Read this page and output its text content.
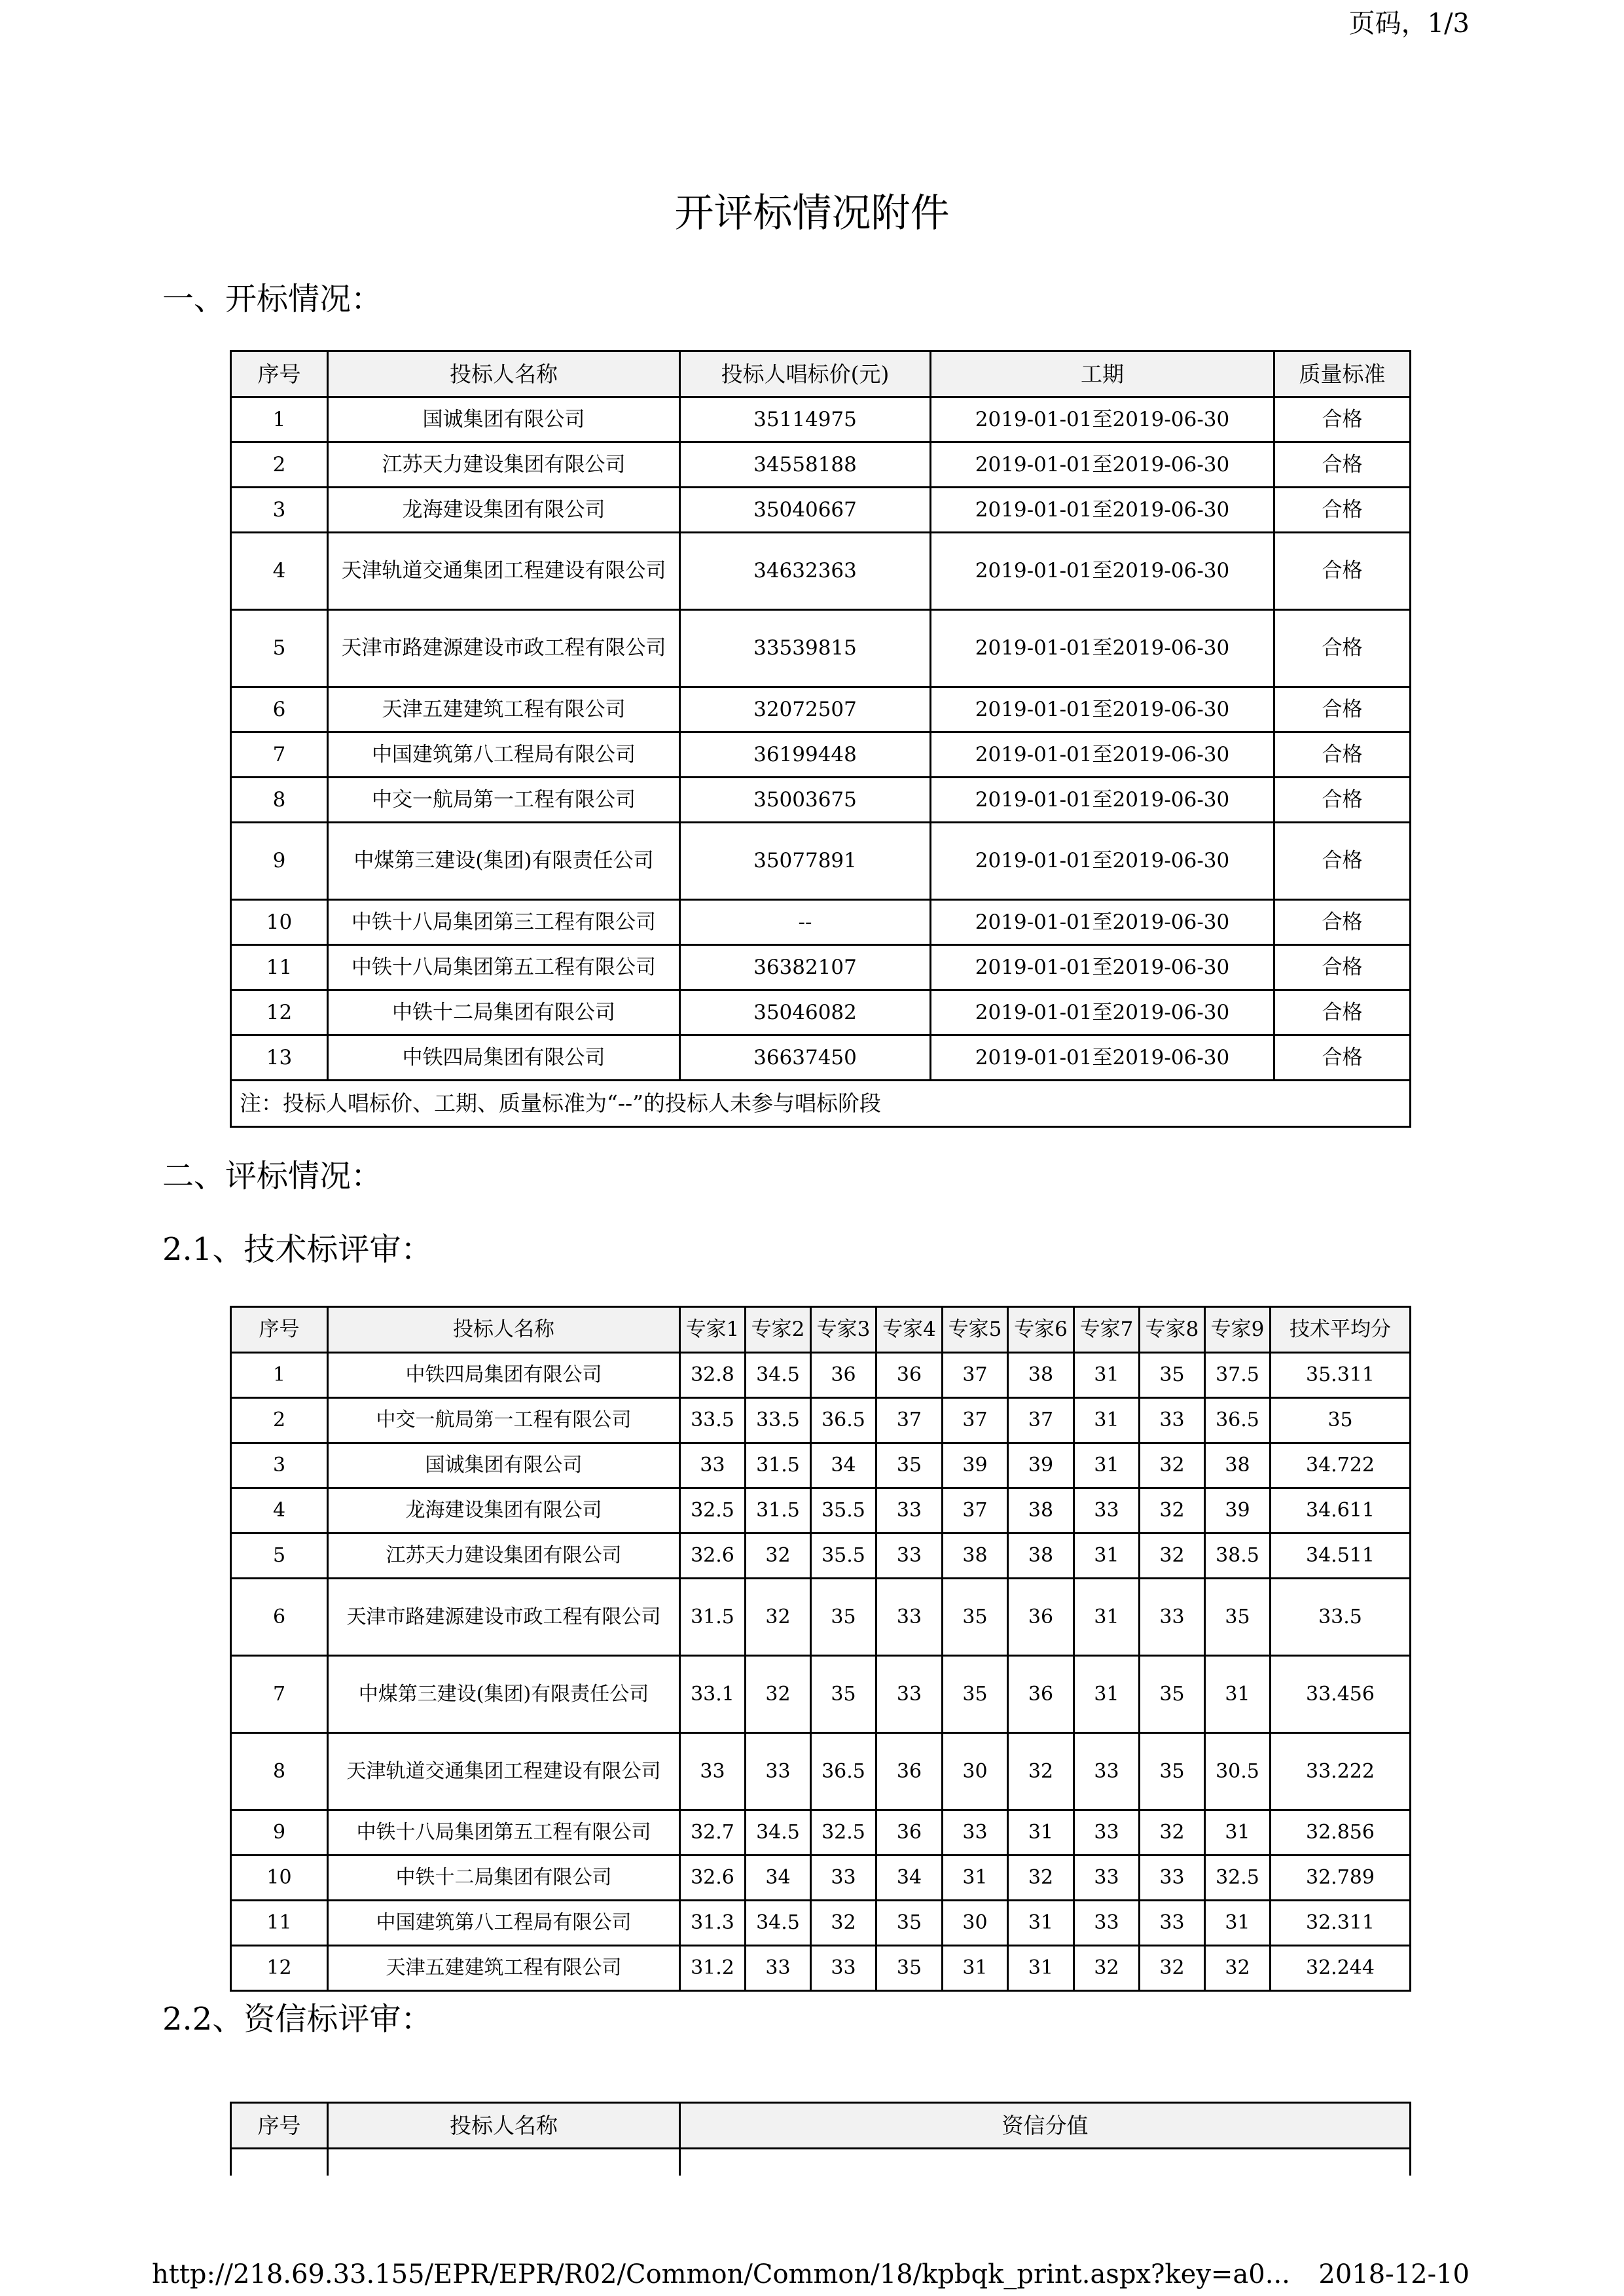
页码，1/3
开评标情况附件
一、开标情况：
序号	投标人名称	投标人唱标价(元)	工期	质量标准
1	国诚集团有限公司	35114975	2019-01-01至2019-06-30	合格
2	江苏天力建设集团有限公司	34558188	2019-01-01至2019-06-30	合格
3	龙海建设集团有限公司	35040667	2019-01-01至2019-06-30	合格
4	天津轨道交通集团工程建设有限公司	34632363	2019-01-01至2019-06-30	合格
5	天津市路建源建设市政工程有限公司	33539815	2019-01-01至2019-06-30	合格
6	天津五建建筑工程有限公司	32072507	2019-01-01至2019-06-30	合格
7	中国建筑第八工程局有限公司	36199448	2019-01-01至2019-06-30	合格
8	中交一航局第一工程有限公司	35003675	2019-01-01至2019-06-30	合格
9	中煤第三建设(集团)有限责任公司	35077891	2019-01-01至2019-06-30	合格
10	中铁十八局集团第三工程有限公司	--	2019-01-01至2019-06-30	合格
11	中铁十八局集团第五工程有限公司	36382107	2019-01-01至2019-06-30	合格
12	中铁十二局集团有限公司	35046082	2019-01-01至2019-06-30	合格
13	中铁四局集团有限公司	36637450	2019-01-01至2019-06-30	合格
注：投标人唱标价、工期、质量标准为“--”的投标人未参与唱标阶段				
二、评标情况：
2.1、技术标评审：
序号	投标人名称	专家1	专家2	专家3	专家4	专家5	专家6	专家7	专家8	专家9	技术平均分
1	中铁四局集团有限公司	32.8	34.5	36	36	37	38	31	35	37.5	35.311
2	中交一航局第一工程有限公司	33.5	33.5	36.5	37	37	37	31	33	36.5	35
3	国诚集团有限公司	33	31.5	34	35	39	39	31	32	38	34.722
4	龙海建设集团有限公司	32.5	31.5	35.5	33	37	38	33	32	39	34.611
5	江苏天力建设集团有限公司	32.6	32	35.5	33	38	38	31	32	38.5	34.511
6	天津市路建源建设市政工程有限公司	31.5	32	35	33	35	36	31	33	35	33.5
7	中煤第三建设(集团)有限责任公司	33.1	32	35	33	35	36	31	35	31	33.456
8	天津轨道交通集团工程建设有限公司	33	33	36.5	36	30	32	33	35	30.5	33.222
9	中铁十八局集团第五工程有限公司	32.7	34.5	32.5	36	33	31	33	32	31	32.856
10	中铁十二局集团有限公司	32.6	34	33	34	31	32	33	33	32.5	32.789
11	中国建筑第八工程局有限公司	31.3	34.5	32	35	30	31	33	33	31	32.311
12	天津五建建筑工程有限公司	31.2	33	33	35	31	31	32	32	32	32.244
2.2、资信标评审：
序号	投标人名称	资信分值

http://218.69.33.155/EPR/EPR/R02/Common/Common/18/kpbqk_print.aspx?key=a0... 2018-12-10
